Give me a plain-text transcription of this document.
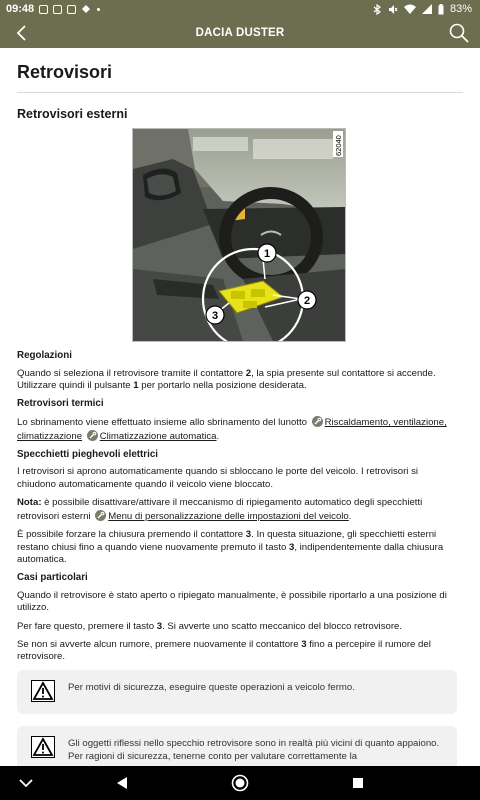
09:48	83%
DACIA DUSTER
Retrovisori
Retrovisori esterni
62040
1
2
3
Regolazioni

Quando si seleziona il retrovisore tramite il contattore 2, la spia presente sul contattore si accende. Utilizzare quindi il pulsante 1 per portarlo nella posizione desiderata.

Retrovisori termici

Lo sbrinamento viene effettuato insieme allo sbrinamento del lunotto
Riscaldamento, ventilazione, climatizzazione Climatizzazione automatica.

Specchietti pieghevoli elettrici

I retrovisori si aprono automaticamente quando si sbloccano le porte del veicolo. I retrovisori si chiudono automaticamente quando il veicolo viene bloccato.

Nota: è possibile disattivare/attivare il meccanismo di ripiegamento automatico degli specchietti retrovisori esterni
Menu di personalizzazione delle impostazioni del veicolo.

È possibile forzare la chiusura premendo il contattore 3. In questa situazione, gli specchietti esterni restano chiusi fino a quando viene nuovamente premuto il tasto 3, indipendentemente dalla chiusura automatica.

Casi particolari

Quando il retrovisore è stato aperto o ripiegato manualmente, è possibile riportarlo a una posizione di utilizzo.

Per fare questo, premere il tasto 3. Si avverte uno scatto meccanico del blocco retrovisore.

Se non si avverte alcun rumore, premere nuovamente il contattore 3 fino a percepire il rumore del retrovisore.

Per motivi di sicurezza, eseguire queste operazioni a veicolo fermo.
Gli oggetti riflessi nello specchio retrovisore sono in realtà più vicini di quanto appaiono. Per ragioni di sicurezza, tenerne conto per valutare correttamente la
